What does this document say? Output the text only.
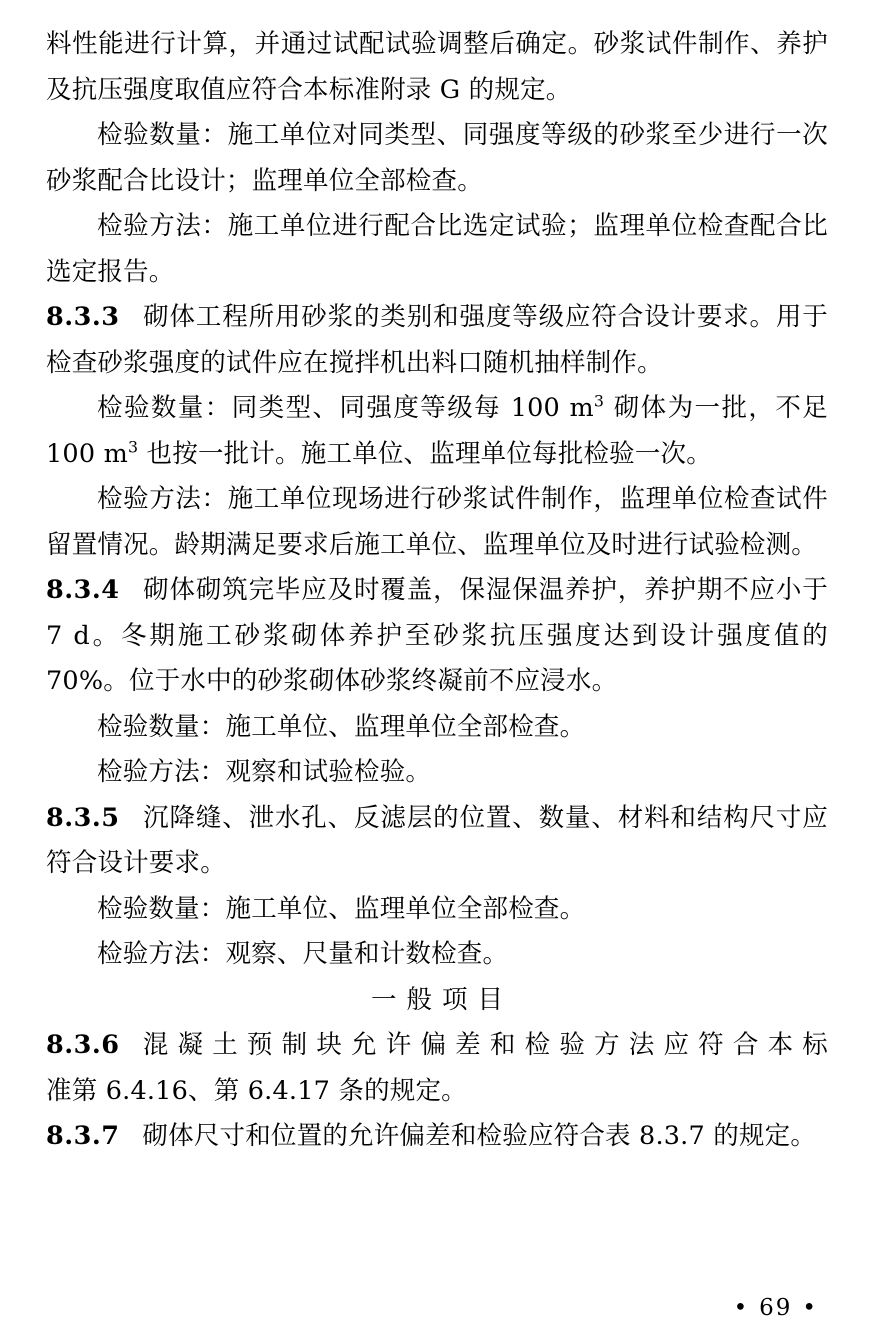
料性能进行计算，并通过试配试验调整后确定。砂浆试件制作、养护及抗压强度取值应符合本标准附录 G 的规定。

检验数量：施工单位对同类型、同强度等级的砂浆至少进行一次砂浆配合比设计；监理单位全部检查。

检验方法：施工单位进行配合比选定试验；监理单位检查配合比选定报告。

8.3.3 砌体工程所用砂浆的类别和强度等级应符合设计要求。用于检查砂浆强度的试件应在搅拌机出料口随机抽样制作。

检验数量：同类型、同强度等级每 100 $m^3$ 砌体为一批，不足 100 $m^3$ 也按一批计。施工单位、监理单位每批检验一次。

检验方法：施工单位现场进行砂浆试件制作，监理单位检查试件留置情况。龄期满足要求后施工单位、监理单位及时进行试验检测。

8.3.4 砌体砌筑完毕应及时覆盖，保湿保温养护，养护期不应小于 7 d。冬期施工砂浆砌体养护至砂浆抗压强度达到设计强度值的 70%。位于水中的砂浆砌体砂浆终凝前不应浸水。

检验数量：施工单位、监理单位全部检查。

检验方法：观察和试验检验。

8.3.5 沉降缝、泄水孔、反滤层的位置、数量、材料和结构尺寸应符合设计要求。

检验数量：施工单位、监理单位全部检查。

检验方法：观察、尺量和计数检查。

一般项目

8.3.6 混 凝 土 预 制 块 允 许 偏 差 和 检 验 方 法 应 符 合 本 标 准第 6.4.16、第 6.4.17 条的规定。

8.3.7 砌体尺寸和位置的允许偏差和检验应符合表 8.3.7 的规定。

• 69 •
